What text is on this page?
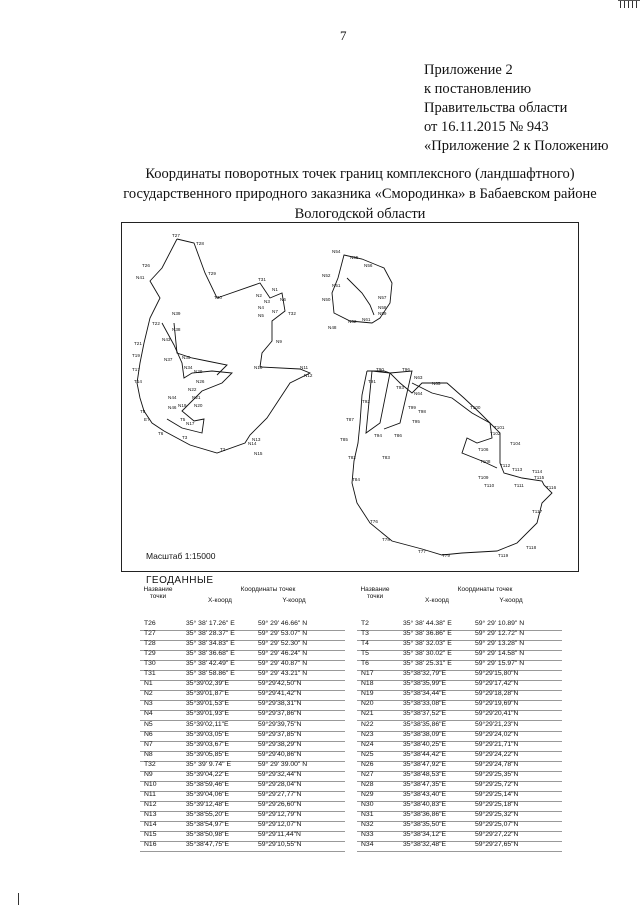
7
Приложение 2
к постановлению
Правительства области
от 16.11.2015 № 943
«Приложение 2 к Положению
Координаты поворотных точек границ комплексного (ландшафтного)
государственного природного заказника «Смородинка» в Бабаевском районе
Вологодской области
T27
T28
T26
N41
T29
T30
T31
N1
N2
N3 N6
N4
N5
N7 T32
N9
N10	N11
N12
N13
N14
N15
T2
T3
T6
T8
E7
T22
N39
N38
T21
T19
T17
T14
N43
N37 N35
N34
N29
N26
N22
N21
N19
T5
N17
N44
N46	N20
N54
N55
N56
N52
N51
N50	N57
N58
N59
N61
N62
N48
T90	T96
N63
N65
T91
T93
N64
T92
T99
T98
T95
T87
T94	T86
T85
T82	T83
T84
T100
T101
T102
T104
T106
T108
T112
T113 T114
T115
T109
T110	T111	T116
T117
T118
T119
T79
T77
T78
T76
Масштаб 1:15000
ГЕОДАННЫЕ
Название точки
Координаты точек
X-коорд	Y-коорд
T26	35° 38' 17.26" E	59° 29' 46.66" N
T27	35° 38' 28.37" E	59° 29' 53.07" N
T28	35° 38' 34.83" E	59° 29' 52.30" N
T29	35° 38' 36.68" E	59° 29' 46.24" N
T30	35° 38' 42.49" E	59° 29' 40.87" N
T31	35° 38' 58.86" E	59° 29' 43.21" N
N1	35°39'02,39"E	59°29'42,50"N
N2	35°39'01,87"E	59°29'41,42"N
N3	35°39'01,53"E	59°29'38,31"N
N4	35°39'01,93"E	59°29'37,86"N
N5	35°39'02,11"E	59°29'39,75"N
N6	35°39'03,05"E	59°29'37,85"N
N7	35°39'03,67"E	59°29'38,29"N
N8	35°39'05,85"E	59°29'40,86"N
T32	35° 39' 9.74" E	59° 29' 39.00" N
N9	35°39'04,22"E	59°29'32,44"N
N10	35°38'59,46"E	59°29'28,04"N
N11	35°39'04,06"E	59°29'27,77"N
N12	35°39'12,48"E	59°29'26,60"N
N13	35°38'55,20"E	59°29'12,79"N
N14	35°38'54,97"E	59°29'12,07"N
N15	35°38'50,98"E	59°29'11,44"N
N16	35°38'47,75"E	59°29'10,55"N
Название точки
Координаты точек
X-коорд	Y-коорд
T2	35° 38' 44.38" E	59° 29' 10.89" N
T3	35° 38' 36.86" E	59° 29' 12.72" N
T4	35° 38' 32.03" E	59° 29' 13.28" N
T5	35° 38' 30.02" E	59° 29' 14.58" N
T6	35° 38' 25.31" E	59° 29' 15.97" N
N17	35°38'32,79"E	59°29'15,80"N
N18	35°38'35,99"E	59°29'17,42"N
N19	35°38'34,44"E	59°29'18,28"N
N20	35°38'33,08"E	59°29'19,69"N
N21	35°38'37,52"E	59°29'20,41"N
N22	35°38'35,86"E	59°29'21,23"N
N23	35°38'38,09"E	59°29'24,02"N
N24	35°38'40,25"E	59°29'21,71"N
N25	35°38'44,42"E	59°29'24,22"N
N26	35°38'47,92"E	59°29'24,78"N
N27	35°38'48,53"E	59°29'25,35"N
N28	35°38'47,35"E	59°29'25,72"N
N29	35°38'43,40"E	59°29'25,14"N
N30	35°38'40,83"E	59°29'25,18"N
N31	35°38'36,86"E	59°29'25,32"N
N32	35°38'35,50"E	59°29'25,07"N
N33	35°38'34,12"E	59°29'27,22"N
N34	35°38'32,48"E	59°29'27,65"N
